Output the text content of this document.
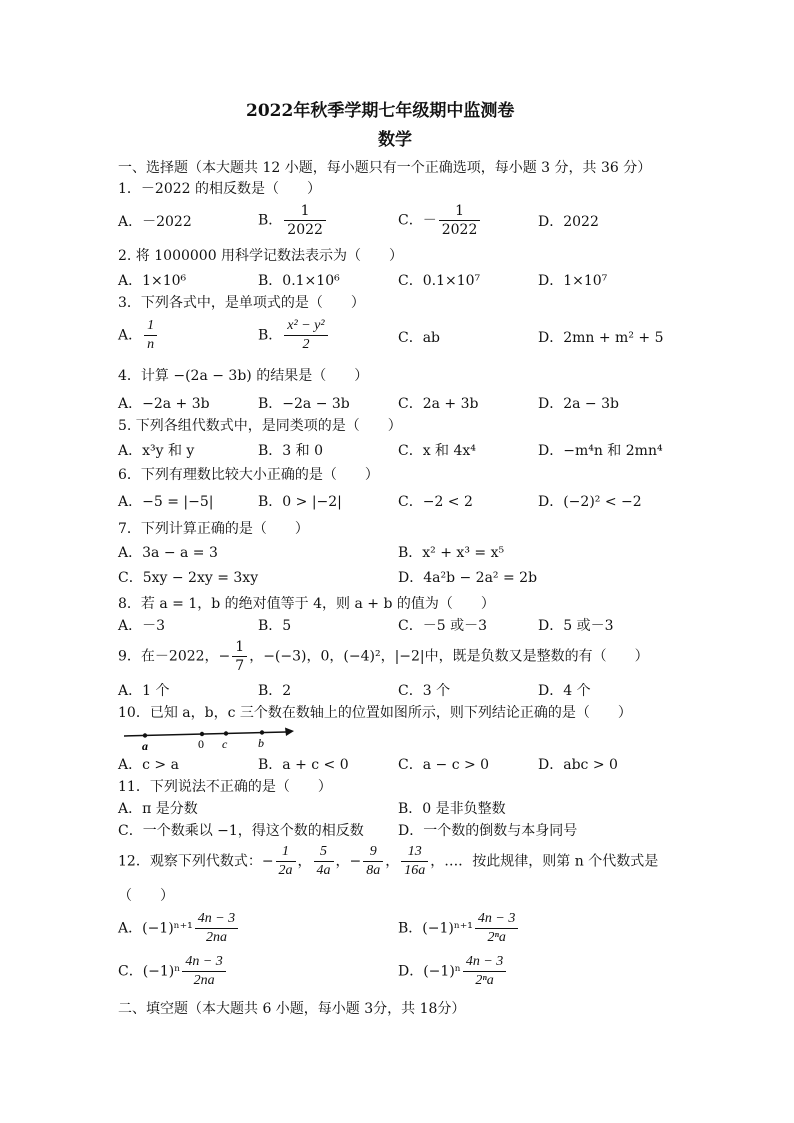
2022年秋季学期七年级期中监测卷
数学
一、选择题（本大题共 12 小题，每小题只有一个正确选项，每小题 3 分，共 36 分）
1．－2022 的相反数是（　　）
A．－2022	B． $\frac{1}{2022}$	C．－ $\frac{1}{2022}$	D．2022
2. 将 1000000 用科学记数法表示为（　　）
A．1×10⁶	B．0.1×10⁶	C．0.1×10⁷	D．1×10⁷
3．下列各式中，是单项式的是（　　）
A． $\frac{1}{n}$	B． $\frac{\text{x² − y²}}{2}$	C．ab	D．2mn + m² + 5
4．计算 −(2a − 3b) 的结果是（　　）
A．−2a + 3b	B．−2a − 3b	C．2a + 3b	D．2a − 3b
5. 下列各组代数式中，是同类项的是（　　）
A．x³y 和 y	B．3 和 0	C．x 和 4x⁴	D．−m⁴n 和 2mn⁴
6．下列有理数比较大小正确的是（　　）
A．−5 = |−5|	B．0 > |−2|	C．−2 < 2	D．(−2)² < −2
7．下列计算正确的是（　　）
A．3a − a = 3	B．x² + x³ = x⁵
C．5xy − 2xy = 3xy	D．4a²b − 2a² = 2b
8．若 a = 1，b 的绝对值等于 4，则 a + b 的值为（　　）
A．－3	B．5	C．－5 或－3	D．5 或－3
9．在－2022，− $\frac{1}{7}$ ，−(−3)，0，(−4)²，|−2|中，既是负数又是整数的有（　　）
A．1 个	B．2	C．3 个	D．4 个
10．已知 a，b，c 三个数在数轴上的位置如图所示，则下列结论正确的是（　　）
a	0 c	b
A．c > a	B．a + c < 0	C．a − c > 0	D．abc > 0
11．下列说法不正确的是（　　）
A．π 是分数	B．0 是非负整数
C．一个数乘以 −1，得这个数的相反数 D．一个数的倒数与本身同号
12．观察下列代数式：− $\frac{1}{2a}$ ， $\frac{5}{4a}$ ，− $\frac{9}{8a}$ ， $\frac{13}{16a}$ ，…．按此规律，则第 n 个代数式是
（　　）
A．$(-1)^{n+1} \frac{4n - 3}{2na}$	B．$(-1)^{n+1} \frac{4n - 3}{\text{2ⁿa}}$
C．$(-1)^n \frac{4n - 3}{2na}$	D．$(-1)^n \frac{4n - 3}{\text{2ⁿa}}$
二、填空题（本大题共 6 小题，每小题 3分，共 18分）
